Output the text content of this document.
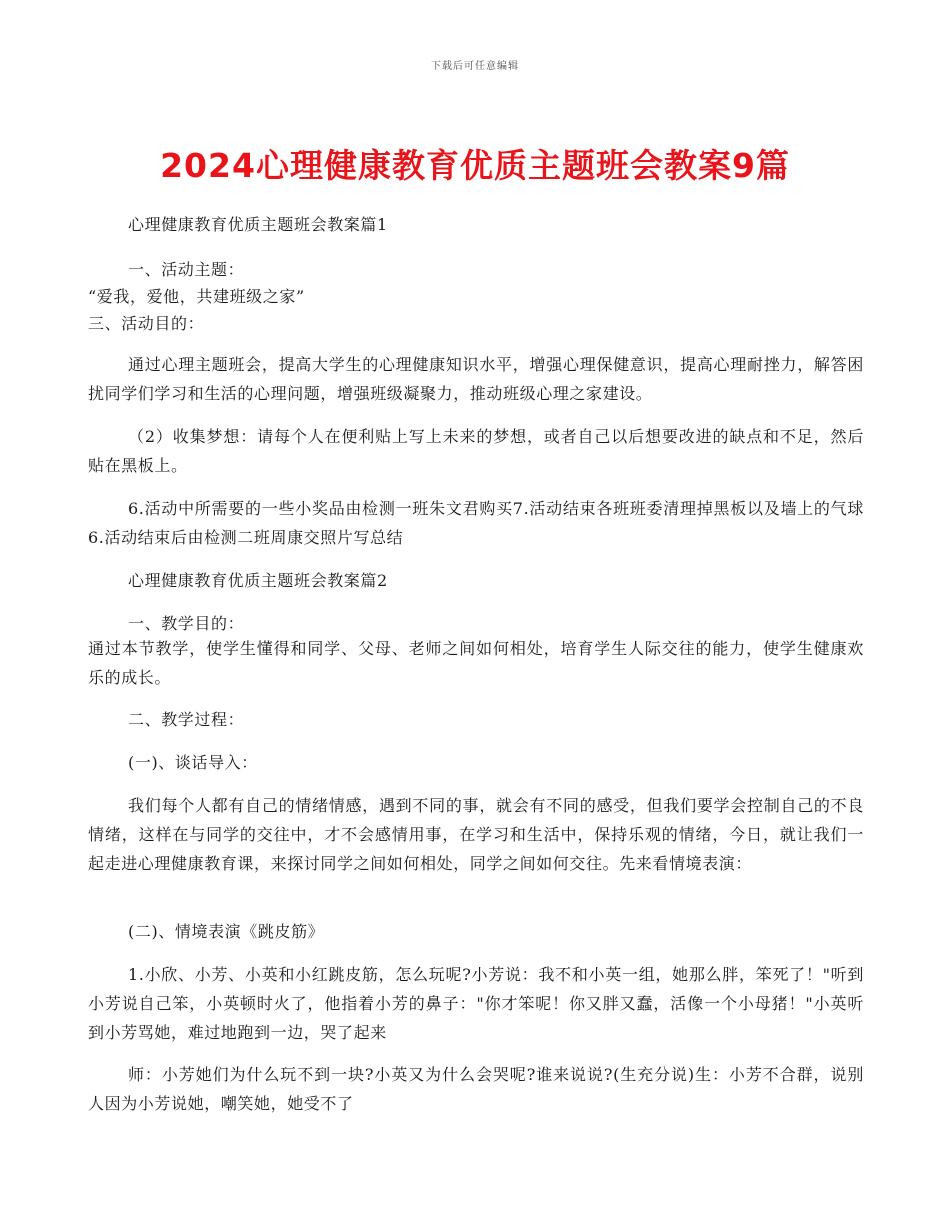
下载后可任意编辑
2024心理健康教育优质主题班会教案9篇

心理健康教育优质主题班会教案篇1

一、活动主题：

“爱我，爱他，共建班级之家”

三、活动目的：

通过心理主题班会，提高大学生的心理健康知识水平，增强心理保健意识，提高心理耐挫力，解答困扰同学们学习和生活的心理问题，增强班级凝聚力，推动班级心理之家建设。

（2）收集梦想：请每个人在便利贴上写上未来的梦想，或者自己以后想要改进的缺点和不足，然后贴在黑板上。

6.活动中所需要的一些小奖品由检测一班朱文君购买7.活动结束各班班委清理掉黑板以及墙上的气球6.活动结束后由检测二班周康交照片写总结

心理健康教育优质主题班会教案篇2

一、教学目的：

通过本节教学，使学生懂得和同学、父母、老师之间如何相处，培育学生人际交往的能力，使学生健康欢乐的成长。

二、教学过程：

(一)、谈话导入：

我们每个人都有自己的情绪情感，遇到不同的事，就会有不同的感受，但我们要学会控制自己的不良情绪，这样在与同学的交往中，才不会感情用事，在学习和生活中，保持乐观的情绪，今日，就让我们一起走进心理健康教育课，来探讨同学之间如何相处，同学之间如何交往。先来看情境表演：

(二)、情境表演《跳皮筋》

1.小欣、小芳、小英和小红跳皮筋，怎么玩呢?小芳说：我不和小英一组，她那么胖，笨死了！"听到小芳说自己笨，小英顿时火了，他指着小芳的鼻子："你才笨呢！你又胖又蠢，活像一个小母猪！"小英听到小芳骂她，难过地跑到一边，哭了起来

师：小芳她们为什么玩不到一块?小英又为什么会哭呢?谁来说说?(生充分说)生：小芳不合群，说别人因为小芳说她，嘲笑她，她受不了
